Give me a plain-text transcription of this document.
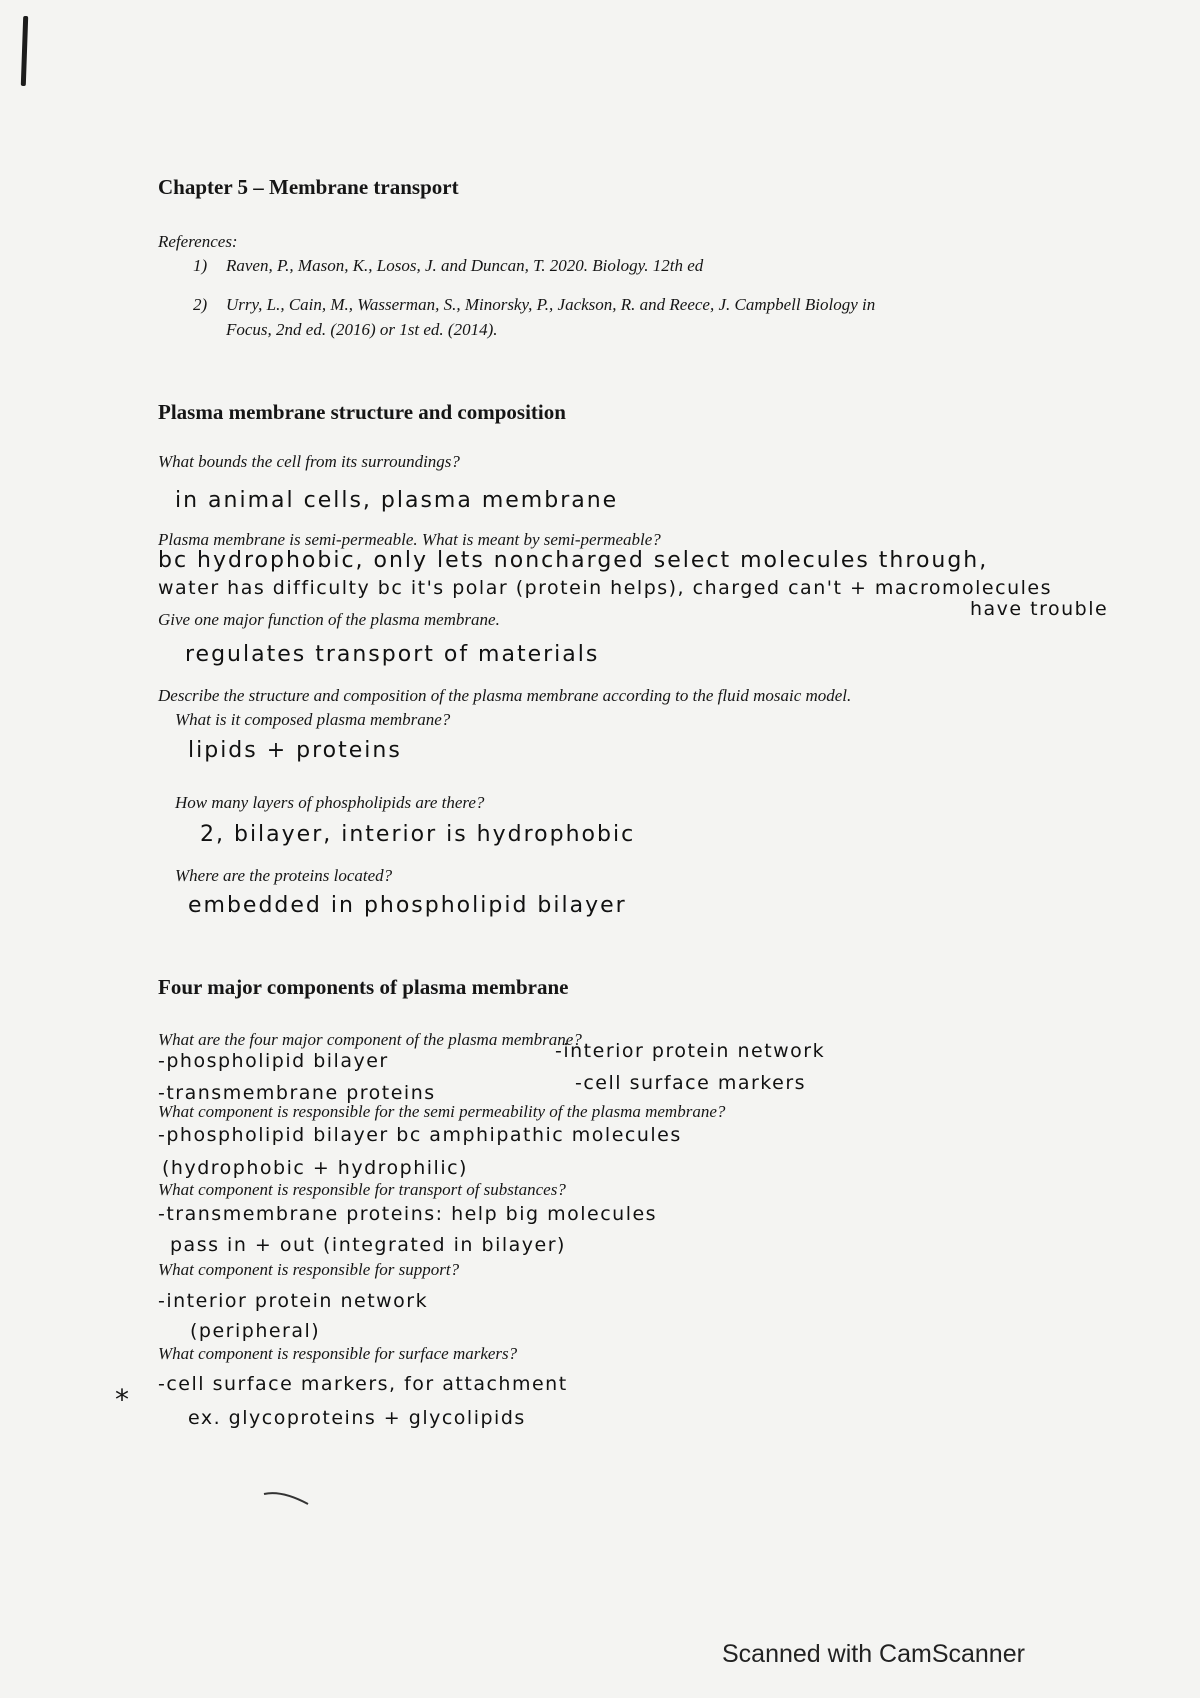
Chapter 5 – Membrane transport
References:
1) Raven, P., Mason, K., Losos, J. and Duncan, T. 2020. Biology. 12th ed
2) Urry, L., Cain, M., Wasserman, S., Minorsky, P., Jackson, R. and Reece, J. Campbell Biology in
Focus, 2nd ed. (2016) or 1st ed. (2014).
Plasma membrane structure and composition
What bounds the cell from its surroundings?
in animal cells, plasma membrane
Plasma membrane is semi-permeable. What is meant by semi-permeable?
bc hydrophobic, only lets noncharged select molecules through,
water has difficulty bc it's polar (protein helps), charged can't + macromolecules
have trouble
Give one major function of the plasma membrane.
regulates transport of materials
Describe the structure and composition of the plasma membrane according to the fluid mosaic model.
What is it composed plasma membrane?
lipids + proteins
How many layers of phospholipids are there?
2, bilayer, interior is hydrophobic
Where are the proteins located?
embedded in phospholipid bilayer
Four major components of plasma membrane
What are the four major component of the plasma membrane?
-phospholipid bilayer	-interior protein network
-transmembrane proteins	-cell surface markers
What component is responsible for the semi permeability of the plasma membrane?
-phospholipid bilayer bc amphipathic molecules
(hydrophobic + hydrophilic)
What component is responsible for transport of substances?
-transmembrane proteins: help big molecules
pass in + out (integrated in bilayer)
What component is responsible for support?
-interior protein network
(peripheral)
What component is responsible for surface markers?
* -cell surface markers, for attachment
ex. glycoproteins + glycolipids
Scanned with CamScanner
